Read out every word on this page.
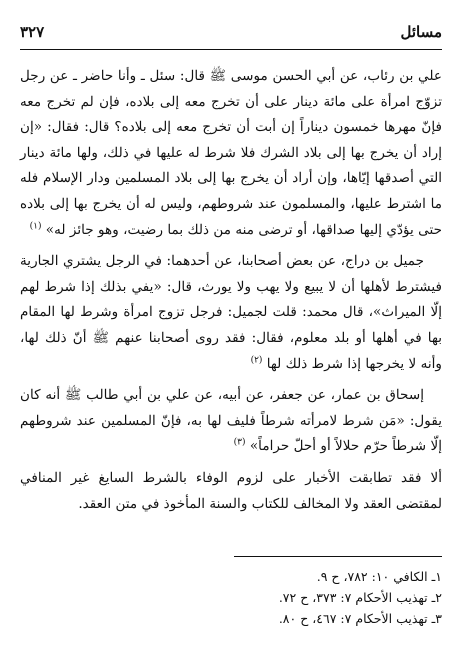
مسائل
٣٢٧

علي بن رئاب، عن أبي الحسن موسى ﷺ قال: سئل ـ وأنا حاضر ـ عن رجل تزوّج امرأة على مائة دينار على أن تخرج معه إلى بلاده، فإن لم تخرج معه فإنّ مهرها خمسون ديناراً إن أبت أن تخرج معه إلى بلاده؟ قال: فقال: «إن إراد أن يخرج بها إلى بلاد الشرك فلا شرط له عليها في ذلك، ولها مائة دينار التي أصدقها إيّاها، وإن أراد أن يخرج بها إلى بلاد المسلمين ودار الإسلام فله ما اشترط عليها، والمسلمون عند شروطهم، وليس له أن يخرج بها إلى بلاده حتى يؤدّي إليها صداقها، أو ترضى منه من ذلك بما رضيت، وهو جائز له» $^{(١)}$

جميل بن دراج، عن بعض أصحابنا، عن أحدهما: في الرجل يشتري الجارية فيشترط لأهلها أن لا يبيع ولا يهب ولا يورث، قال: «يفي بذلك إذا شرط لهم إلّا الميراث»، قال محمد: قلت لجميل: فرجل تزوج امرأة وشرط لها المقام بها في أهلها أو بلد معلوم، فقال: فقد روى أصحابنا عنهم ﷺ أنّ ذلك لها، وأنه لا يخرجها إذا شرط ذلك لها $^{(٢)}$

إسحاق بن عمار، عن جعفر، عن أبيه، عن علي بن أبي طالب ﷺ أنه كان يقول: «مَن شرط لامرأته شرطاً فليف لها به، فإنّ المسلمين عند شروطهم إلّا شرطاً حرّم حلالاً أو أحلّ حراماً» $^{(٣)}$

ألا فقد تطابقت الأخبار على لزوم الوفاء بالشرط السايغ غير المنافي لمقتضى العقد ولا المخالف للكتاب والسنة المأخوذ في متن العقد.

١ـ الكافي ١٠: ٧٨٢، ح ٩.

٢ـ تهذيب الأحكام ٧: ٣٧٣، ح ٧٢.

٣ـ تهذيب الأحكام ٧: ٤٦٧، ح ٨٠.
